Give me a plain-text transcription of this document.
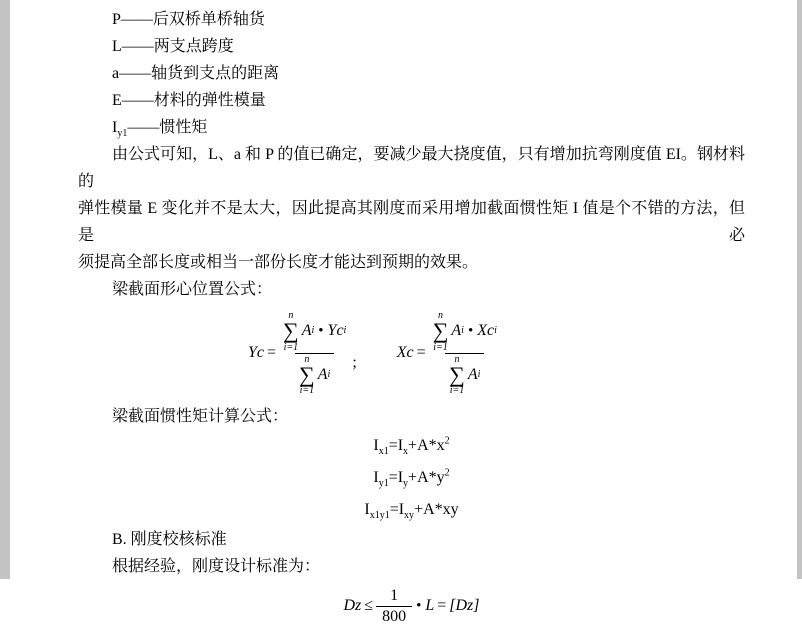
P——后双桥单桥轴货
L——两支点跨度
a——轴货到支点的距离
E——材料的弹性模量
$I_{y1}——$惯性矩
由公式可知，L、a 和 P 的值已确定，要减少最大挠度值，只有增加抗弯刚度值 EI。钢材料的
弹性模量 E 变化并不是太大，因此提高其刚度而采用增加截面惯性矩 I 值是个不错的方法，但是必
须提高全部长度或相当一部份长度才能达到预期的效果。
梁截面形心位置公式：
Yc = n
∑
i=1
A i • Yc i
n
∑
i=1
A i ;
Xc = n
∑
i=1
A i • Xc i
n
∑
i=1
A i
梁截面惯性矩计算公式：
$I_{x1}=I_x+A*x^2$
$I_{y1}=I_y+A*y^2$
$I_{x1y1}=I_{xy}+A*xy$
B. 刚度校核标准
根据经验，刚度设计标准为：
$Dz \le \frac{1}{800}$ • L = [Dz]
